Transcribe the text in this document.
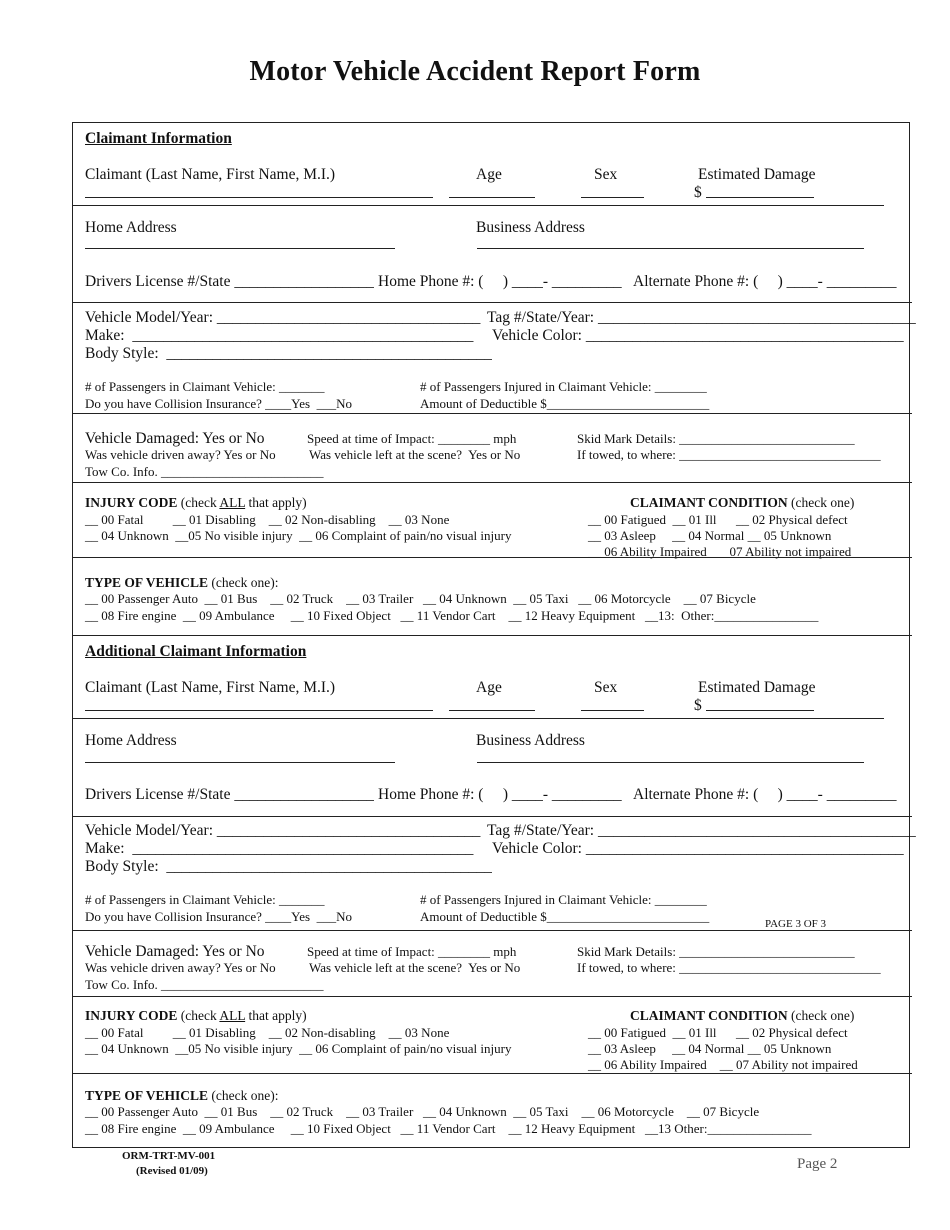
Motor Vehicle Accident Report Form
Claimant Information
Claimant (Last Name, First Name, M.I.)	Age	Sex	Estimated Damage
$
Home Address	Business Address
Drivers License #/State __________________ Home Phone #: (     ) ____- _________ Alternate Phone #: (     ) ____- _________
Vehicle Model/Year: __________________________________ Tag #/State/Year: _________________________________________
Make:  ____________________________________________ Vehicle Color: _________________________________________
Body Style:  __________________________________________
# of Passengers in Claimant Vehicle: _______	# of Passengers Injured in Claimant Vehicle: ________
Do you have Collision Insurance? ____Yes  ___No	Amount of Deductible $_________________________
Vehicle Damaged: Yes or No	Speed at time of Impact: ________ mph	Skid Mark Details: ___________________________
Was vehicle driven away? Yes or No	Was vehicle left at the scene?  Yes or No	If towed, to where: _______________________________
Tow Co. Info. _________________________
INJURY CODE (check ALL that apply)
__ 00 Fatal         __ 01 Disabling    __ 02 Non-disabling    __ 03 None
__ 04 Unknown  __05 No visible injury  __ 06 Complaint of pain/no visual injury
CLAIMANT CONDITION (check one)
__ 00 Fatigued  __ 01 Ill      __ 02 Physical defect
__ 03 Asleep     __ 04 Normal __ 05 Unknown
__ 06 Ability Impaired       07 Ability not impaired
TYPE OF VEHICLE (check one):
__ 00 Passenger Auto  __ 01 Bus    __ 02 Truck    __ 03 Trailer   __ 04 Unknown  __ 05 Taxi   __ 06 Motorcycle    __ 07 Bicycle
__ 08 Fire engine  __ 09 Ambulance     __ 10 Fixed Object   __ 11 Vendor Cart    __ 12 Heavy Equipment   __13:  Other:________________
Additional Claimant Information
Claimant (Last Name, First Name, M.I.)	Age	Sex	Estimated Damage
$
Home Address	Business Address
Drivers License #/State __________________ Home Phone #: (     ) ____- _________ Alternate Phone #: (     ) ____- _________
Vehicle Model/Year: __________________________________ Tag #/State/Year: _________________________________________
Make:  ____________________________________________ Vehicle Color: _________________________________________
Body Style:  __________________________________________
# of Passengers in Claimant Vehicle: _______	# of Passengers Injured in Claimant Vehicle: ________
Do you have Collision Insurance? ____Yes  ___No	Amount of Deductible $_________________________	PAGE 3 OF 3
Vehicle Damaged: Yes or No	Speed at time of Impact: ________ mph	Skid Mark Details: ___________________________
Was vehicle driven away? Yes or No	Was vehicle left at the scene?  Yes or No	If towed, to where: _______________________________
Tow Co. Info. _________________________
INJURY CODE (check ALL that apply)
__ 00 Fatal         __ 01 Disabling    __ 02 Non-disabling    __ 03 None
__ 04 Unknown  __05 No visible injury  __ 06 Complaint of pain/no visual injury
CLAIMANT CONDITION (check one)
__ 00 Fatigued  __ 01 Ill      __ 02 Physical defect
__ 03 Asleep     __ 04 Normal __ 05 Unknown
__ 06 Ability Impaired    __ 07 Ability not impaired
TYPE OF VEHICLE (check one):
__ 00 Passenger Auto  __ 01 Bus    __ 02 Truck    __ 03 Trailer   __ 04 Unknown  __ 05 Taxi    __ 06 Motorcycle    __ 07 Bicycle
__ 08 Fire engine  __ 09 Ambulance     __ 10 Fixed Object   __ 11 Vendor Cart    __ 12 Heavy Equipment   __13 Other:________________
ORM-TRT-MV-001
(Revised 01/09)	Page 2
